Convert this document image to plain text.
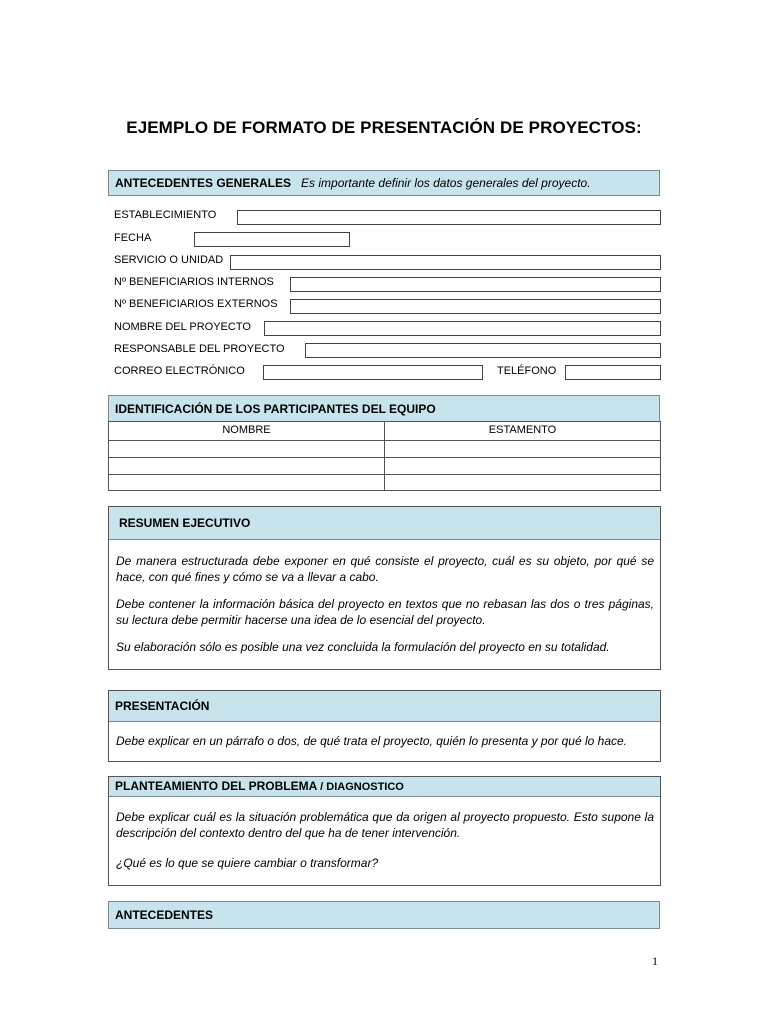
EJEMPLO DE FORMATO DE PRESENTACIÓN DE PROYECTOS:
ANTECEDENTES GENERALES Es importante definir los datos generales del proyecto.
ESTABLECIMIENTO
FECHA
SERVICIO O UNIDAD
Nº BENEFICIARIOS INTERNOS
Nº BENEFICIARIOS EXTERNOS
NOMBRE DEL PROYECTO
RESPONSABLE DEL PROYECTO
CORREO ELECTRÓNICO	TELÉFONO
IDENTIFICACIÓN DE LOS PARTICIPANTES DEL EQUIPO
NOMBRE	ESTAMENTO
RESUMEN EJECUTIVO

De manera estructurada debe exponer en qué consiste el proyecto, cuál es su objeto, por qué se hace, con qué fines y cómo se va a llevar a cabo.

Debe contener la información básica del proyecto en textos que no rebasan las dos o tres páginas, su lectura debe permitir hacerse una idea de lo esencial del proyecto.

Su elaboración sólo es posible una vez concluida la formulación del proyecto en su totalidad.

PRESENTACIÓN

Debe explicar en un párrafo o dos, de qué trata el proyecto, quién lo presenta y por qué lo hace.

PLANTEAMIENTO DEL PROBLEMA / DIAGNOSTICO

Debe explicar cuál es la situación problemática que da origen al proyecto propuesto. Esto supone la descripción del contexto dentro del que ha de tener intervención.

¿Qué es lo que se quiere cambiar o transformar?

ANTECEDENTES
1
